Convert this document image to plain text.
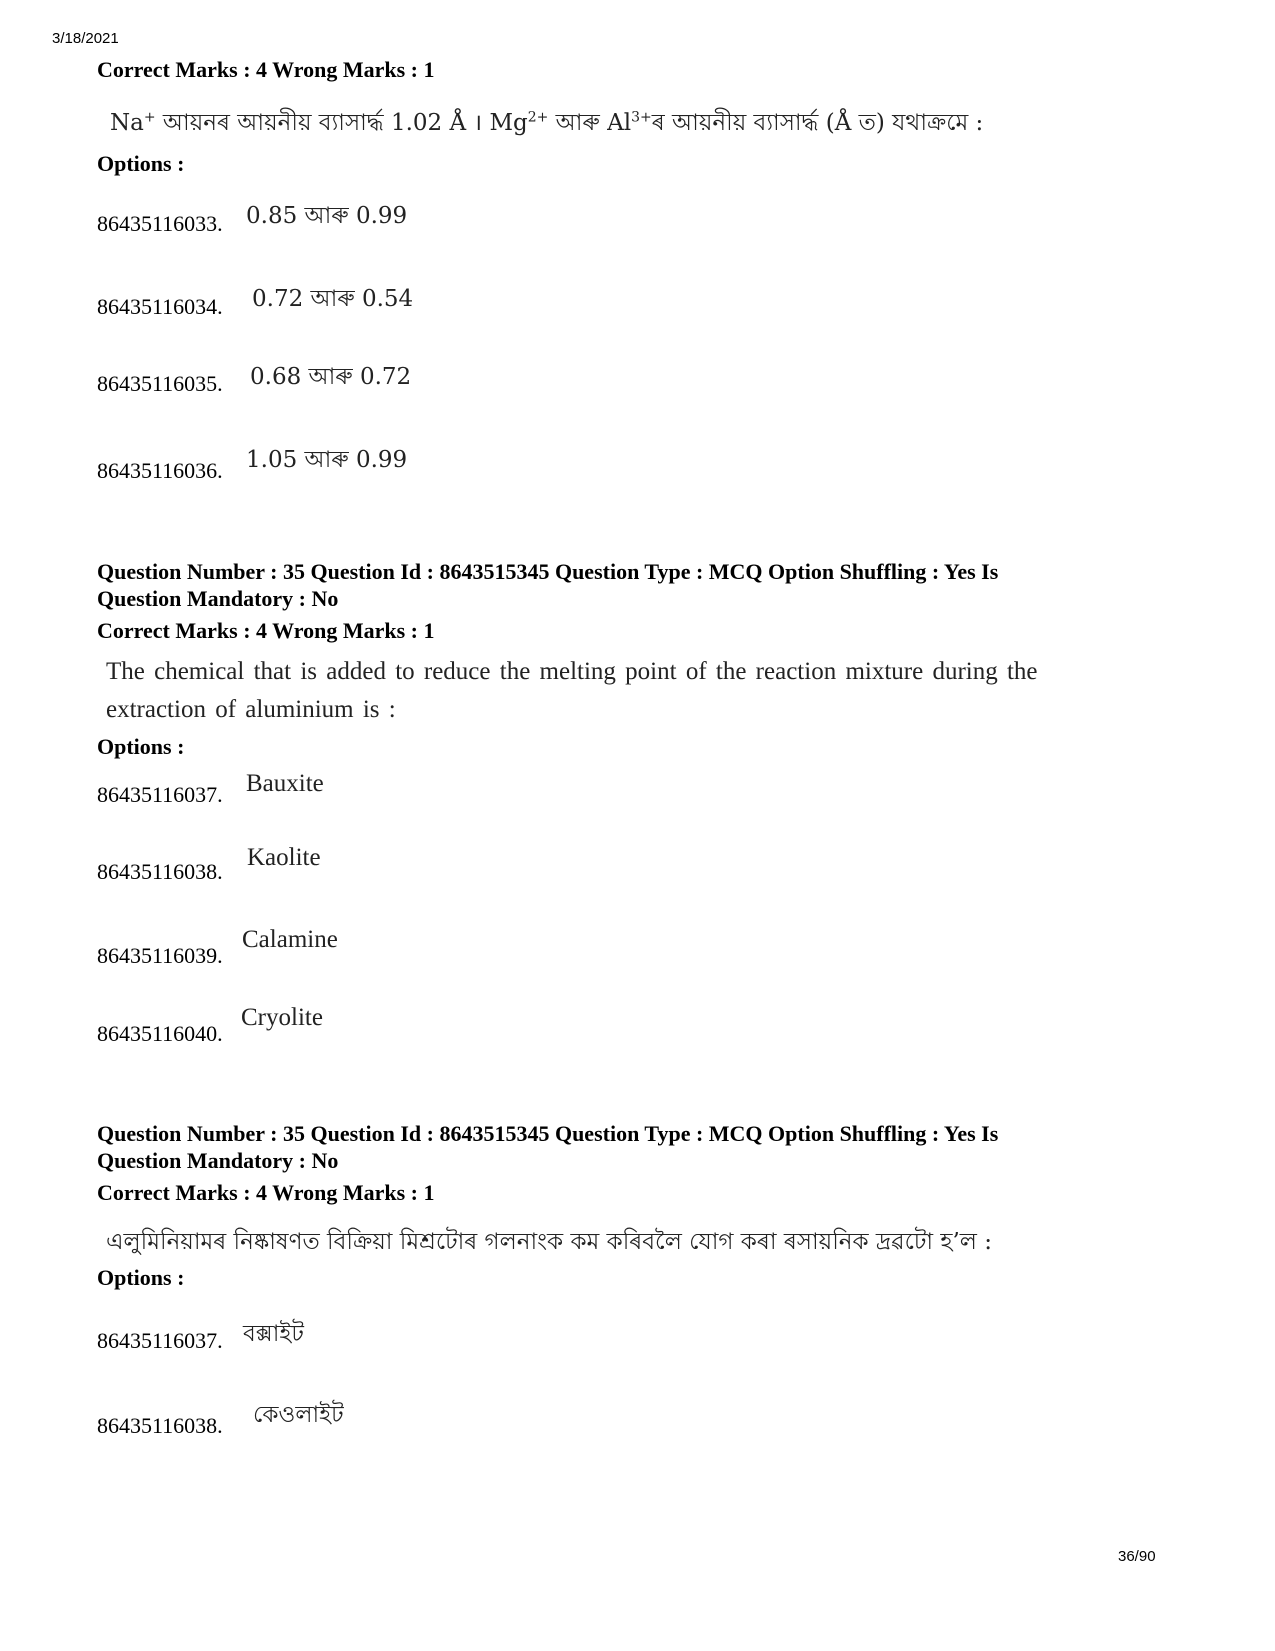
3/18/2021
Correct Marks : 4 Wrong Marks : 1
Na+ আয়নৰ আয়নীয় ব্যাসাৰ্দ্ধ 1.02 Å । $Mg^{2+}$ আৰু $Al^{3+}ৰ$ আয়নীয় ব্যাসাৰ্দ্ধ (Å ত) যথাক্ৰমে :
Options :
86435116033. 0.85 আৰু 0.99
86435116034. 0.72 আৰু 0.54
86435116035. 0.68 আৰু 0.72
86435116036. 1.05 আৰু 0.99
Question Number : 35 Question Id : 8643515345 Question Type : MCQ Option Shuffling : Yes Is
Question Mandatory : No
Correct Marks : 4 Wrong Marks : 1
The chemical that is added to reduce the melting point of the reaction mixture during the extraction of aluminium is :
Options :
86435116037. Bauxite
86435116038.
Kaolite
86435116039.
Calamine
86435116040.
Cryolite
Question Number : 35 Question Id : 8643515345 Question Type : MCQ Option Shuffling : Yes Is
Question Mandatory : No
Correct Marks : 4 Wrong Marks : 1
এলুমিনিয়ামৰ নিষ্কাষণত বিক্ৰিয়া মিশ্ৰটোৰ গলনাংক কম কৰিবলৈ যোগ কৰা ৰসায়নিক দ্ৰৱটো হ’ল :
Options :
86435116037. বক্সাইট
86435116038. কেওলাইট
36/90
